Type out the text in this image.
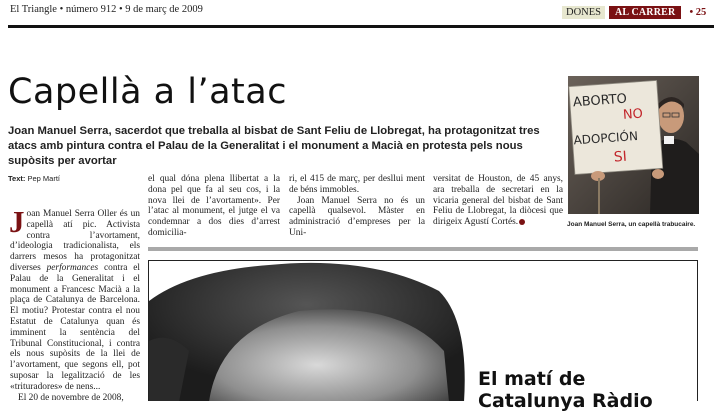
El Triangle • número 912 • 9 de març de 2009	DONES	AL CARRER	• 25
Capellà a l’atac
Joan Manuel Serra, sacerdot que treballa al bisbat de Sant Feliu de Llobregat, ha protagonitzat tres atacs amb pintura contra el Palau de la Generalitat i el monument a Macià en protesta pels nous supòsits per avortar
ABORTO
NO
ADOPCIÓN
SI
Joan Manuel Serra, un capellà trabucaire.
Text: Pep Martí
Joan Manuel Serra Oller és un capellà atí pic. Activista contra l’avortament, d’ideologia tradicionalista, els darrers mesos ha protagonitzat diverses performances contra el Palau de la Generalitat i el monument a Francesc Macià a la plaça de Catalunya de Barcelona. El motiu? Protestar contra el nou Estatut de Catalunya quan és imminent la sentència del Tribunal Constitucional, i contra els nous supòsits de la llei de l’avortament, que segons ell, pot suposar la legalització de les «trituradores» de nens...
El 20 de novembre de 2008,
el qual dóna plena llibertat a la dona pel que fa al seu cos, i la nova llei de l’avortament». Per l’atac al monument, el jutge el va condemnar a dos dies d’arrest domicilia-
ri, el 415 de març, per desllui ment de béns immobles.
Joan Manuel Serra no és un capellà qualsevol. Màster en administració d’empreses per la Uni-
versitat de Houston, de 45 anys, ara treballa de secretari en la vicaria general del bisbat de Sant Feliu de Llobregat, la diòcesi que dirigeix Agustí Cortés.
El matí de
Catalunya Ràdio
